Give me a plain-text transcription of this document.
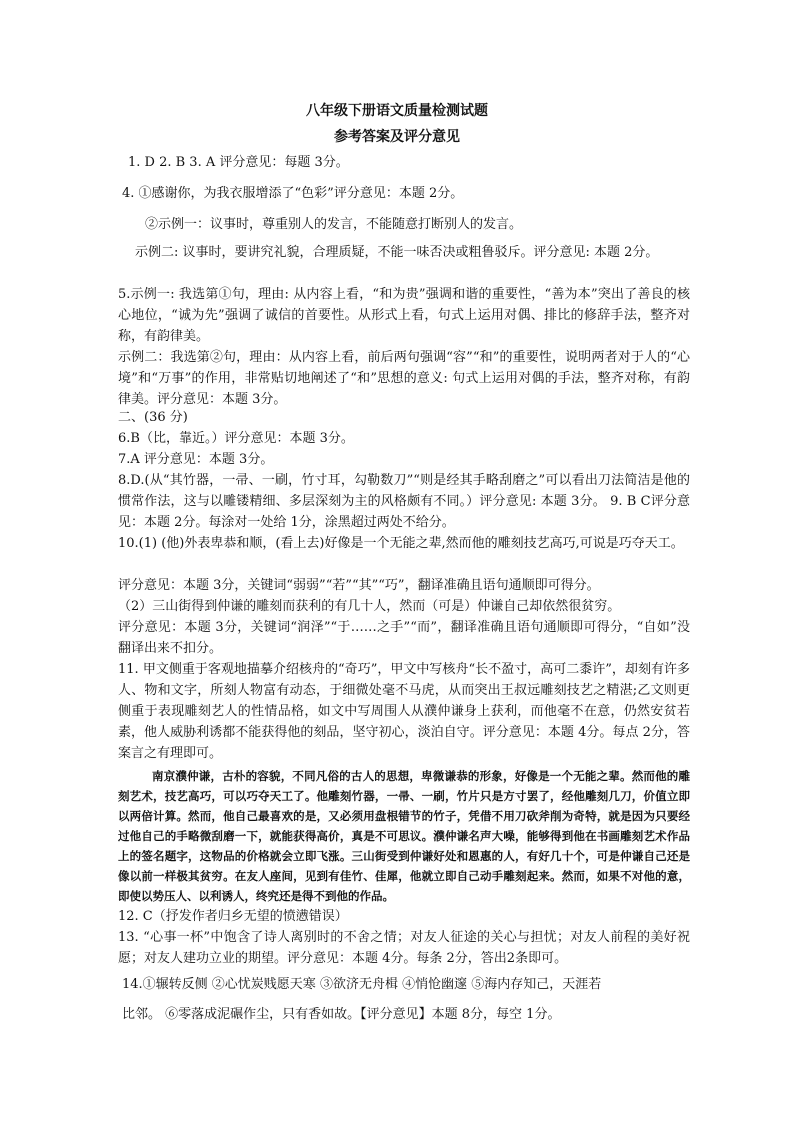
八年级下册语文质量检测试题
参考答案及评分意见
1. D 2. B 3. A 评分意见：每题 3分。
4. ①感谢你，为我衣服增添了“色彩”评分意见：本题 2分。
②示例一：议事时，尊重别人的发言，不能随意打断别人的发言。
示例二: 议事时，要讲究礼貌，合理质疑，不能一味否决或粗鲁驳斥。评分意见: 本题 2分。
5.示例一: 我选第①句，理由: 从内容上看，“和为贵”强调和谐的重要性，“善为本”突出了善良的核心地位，“诚为先”强调了诚信的首要性。从形式上看，句式上运用对偶、排比的修辞手法，整齐对称，有韵律美。
示例二：我选第②句，理由：从内容上看，前后两句强调“容”“和”的重要性，说明两者对于人的“心境”和“万事”的作用，非常贴切地阐述了“和”思想的意义: 句式上运用对偶的手法，整齐对称，有韵律美。评分意见：本题 3分。
二、(36 分)
6.B（比，靠近。）评分意见：本题 3分。
7.A 评分意见：本题 3分。
8.D.(从“其竹器，一帚、一刷，竹寸耳，勾勒数刀”“则是经其手略刮磨之”可以看出刀法简洁是他的惯常作法，这与以雕镂精细、多层深刻为主的风格颇有不同。）评分意见: 本题 3分。 9. B C评分意见：本题 2分。每涂对一处给 1分，涂黑超过两处不给分。
10.(1) (他)外表卑恭和顺，(看上去)好像是一个无能之辈,然而他的雕刻技艺高巧,可说是巧夺天工。
评分意见：本题 3分，关键词“弱弱”“若”“其”“巧”，翻译准确且语句通顺即可得分。
（2）三山街得到仲谦的雕刻而获利的有几十人，然而（可是）仲谦自己却依然很贫穷。
评分意见：本题 3分，关键词“润泽”“于……之手”“而”，翻译准确且语句通顺即可得分，“自如”没翻译出来不扣分。
11. 甲文侧重于客观地描摹介绍核舟的“奇巧”，甲文中写核舟“长不盈寸，高可二黍许”，却刻有许多人、物和文字，所刻人物富有动态，于细微处毫不马虎，从而突出王叔远雕刻技艺之精湛;乙文则更侧重于表现雕刻艺人的性情品格，如文中写周围人从濮仲谦身上获利，而他毫不在意，仍然安贫若素，他人威胁利诱都不能获得他的刻品，坚守初心，淡泊自守。评分意见：本题 4分。每点 2分，答案言之有理即可。
南京濮仲谦，古朴的容貌，不同凡俗的古人的思想，卑微谦恭的形象，好像是一个无能之辈。然而他的雕刻艺术，技艺高巧，可以巧夺天工了。他雕刻竹器，一帚、一刷，竹片只是方寸罢了，经他雕刻几刀，价值立即以两倍计算。然而，他自己最喜欢的是，又必须用盘根错节的竹子，凭借不用刀砍斧削为奇特，就是因为只要经过他自己的手略微刮磨一下，就能获得高价，真是不可思议。濮仲谦名声大噪，能够得到他在书画雕刻艺术作品上的签名题字，这物品的价格就会立即飞涨。三山街受到仲谦好处和恩惠的人，有好几十个，可是仲谦自己还是像以前一样极其贫穷。在友人座间，见到有佳竹、佳犀，他就立即自己动手雕刻起来。然而，如果不对他的意，即使以势压人、以利诱人，终究还是得不到他的作品。
12. C（抒发作者归乡无望的愤懑错误）
13. “心事一杯”中饱含了诗人离别时的不舍之情；对友人征途的关心与担忧；对友人前程的美好祝愿；对友人建功立业的期望。评分意见：本题 4分。每条 2分，答出2条即可。
14.①辗转反侧 ②心忧炭贱愿天寒 ③欲济无舟楫 ④悄怆幽邃 ⑤海内存知己，天涯若
比邻。 ⑥零落成泥碾作尘，只有香如故。【评分意见】本题 8分，每空 1分。
